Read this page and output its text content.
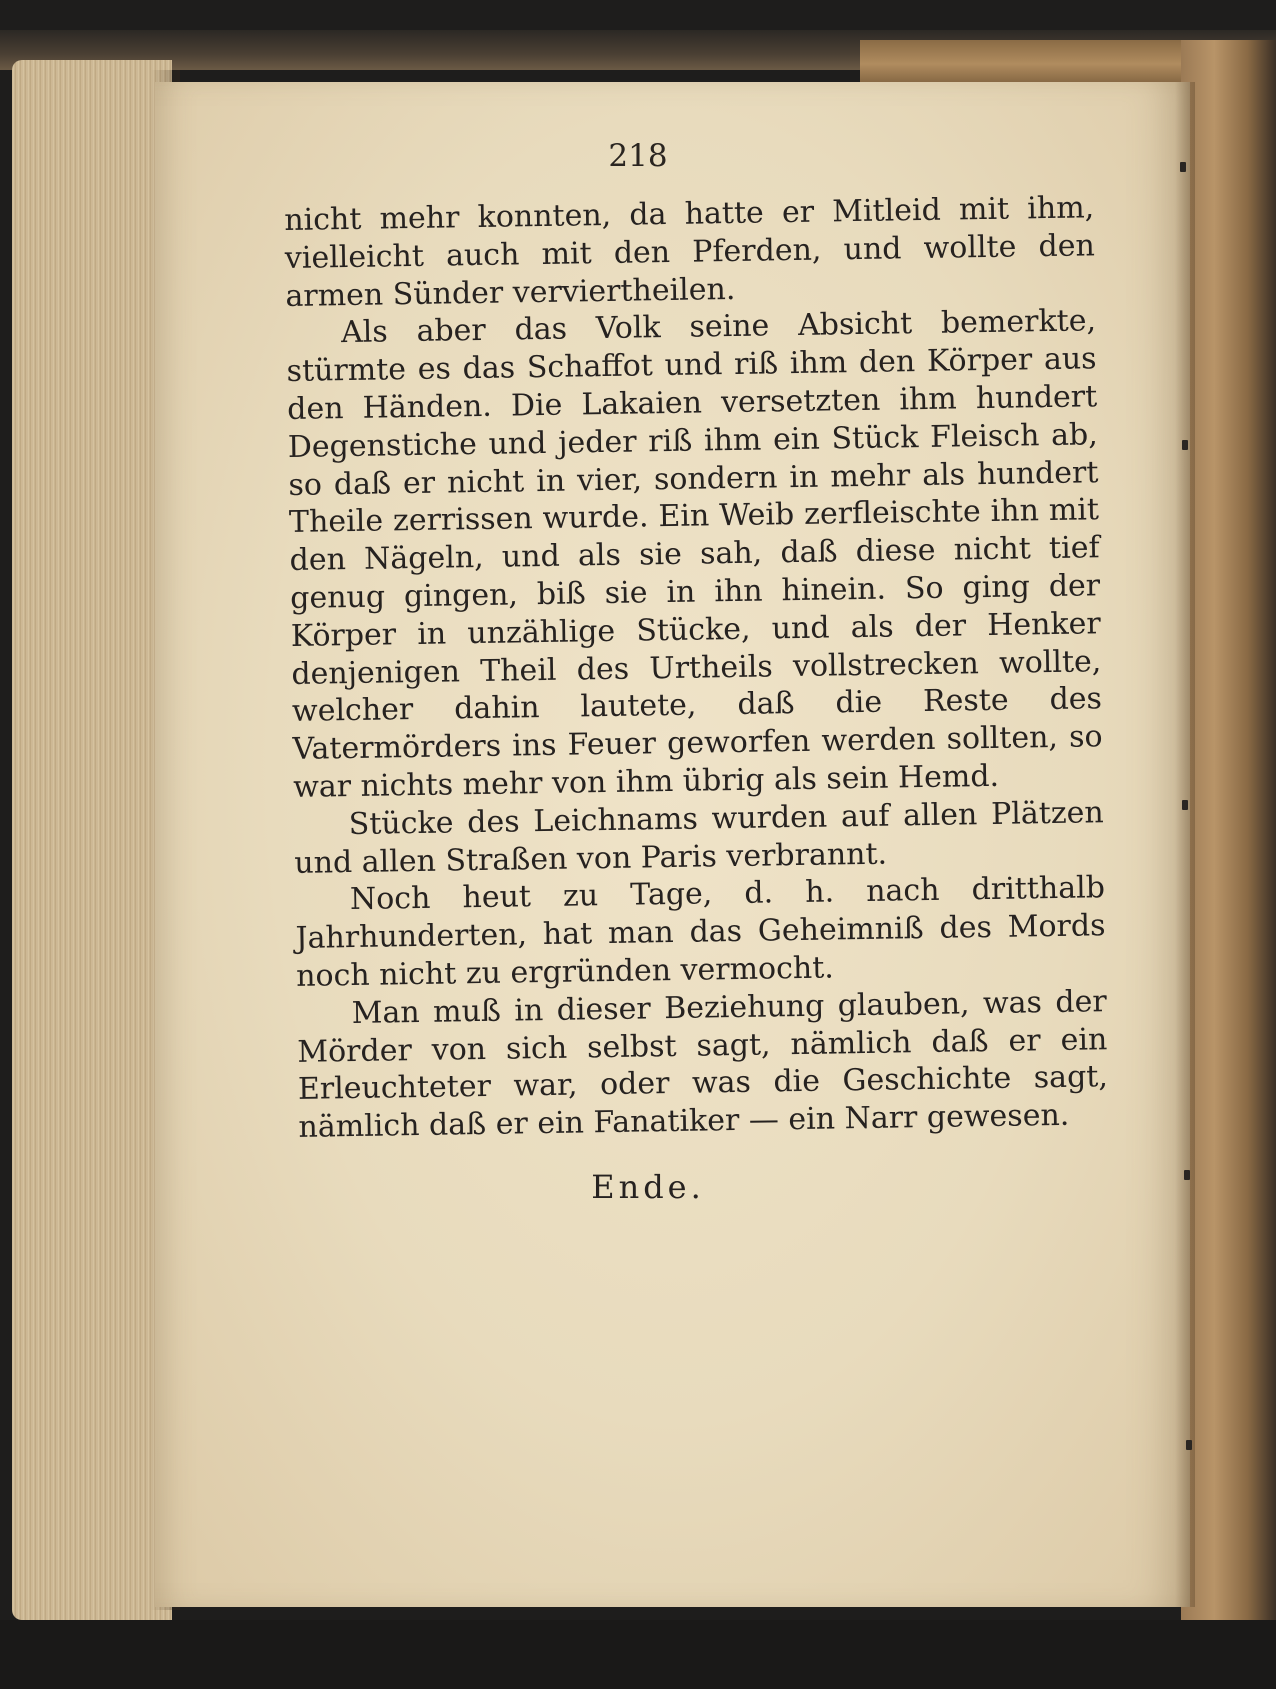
218

nicht mehr konnten, da hatte er Mitleid mit ihm, vielleicht auch mit den Pferden, und wollte den armen Sünder verviertheilen.

Als aber das Volk seine Absicht bemerkte, stürmte es das Schaffot und riß ihm den Körper aus den Händen. Die Lakaien versetzten ihm hundert Degenstiche und jeder riß ihm ein Stück Fleisch ab, so daß er nicht in vier, sondern in mehr als hundert Theile zerrissen wurde. Ein Weib zerfleischte ihn mit den Nägeln, und als sie sah, daß diese nicht tief genug gingen, biß sie in ihn hinein. So ging der Körper in unzählige Stücke, und als der Henker denjenigen Theil des Urtheils vollstrecken wollte, welcher dahin lautete, daß die Reste des Vatermörders ins Feuer geworfen werden sollten, so war nichts mehr von ihm übrig als sein Hemd.

Stücke des Leichnams wurden auf allen Plätzen und allen Straßen von Paris verbrannt.

Noch heut zu Tage, d. h. nach dritthalb Jahrhunderten, hat man das Geheimniß des Mords noch nicht zu ergründen vermocht.

Man muß in dieser Beziehung glauben, was der Mörder von sich selbst sagt, nämlich daß er ein Erleuchteter war, oder was die Geschichte sagt, nämlich daß er ein Fanatiker — ein Narr gewesen.

Ende.
